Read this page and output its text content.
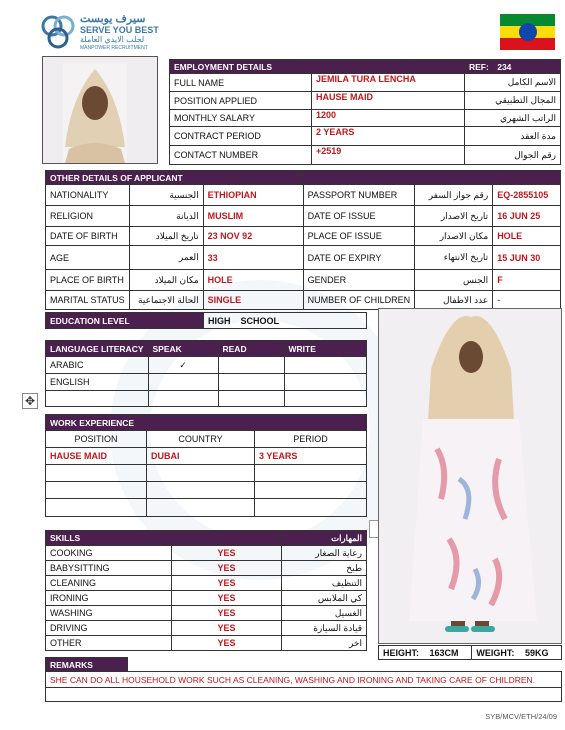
سيرف يوبست
SERVE YOU BEST
لجلب الايدي العاملة
MANPOWER RECRUITMENT
EMPLOYMENT DETAILS		REF: 234
FULL NAME	JEMILA TURA LENCHA	الاسم الكامل
POSITION APPLIED	HAUSE MAID	المجال التطبيقي
MONTHLY SALARY	1200	الراتب الشهري
CONTRACT PERIOD	2 YEARS	مدة العقد
CONTACT NUMBER	+2519	رقم الجوال
OTHER DETAILS OF APPLICANT					
NATIONALITY	الجنسية	ETHIOPIAN	PASSPORT NUMBER	رقم جواز السفر	EQ-2855105
RELIGION	الديانة	MUSLIM	DATE OF ISSUE	تاريخ الاصدار	16 JUN 25
DATE OF BIRTH	تاريخ الميلاد	23 NOV 92	PLACE OF ISSUE	مكان الاصدار	HOLE
AGE	العمر	33	DATE OF EXPIRY	تاريخ الانتهاء	15 JUN 30
PLACE OF BIRTH	مكان الميلاد	HOLE	GENDER	الجنس	F
MARITAL STATUS	الحالة الاجتماعية	SINGLE	NUMBER OF CHILDREN	عدد الاطفال	-
EDUCATION LEVEL	HIGH    SCHOOL
LANGUAGE LITERACY	SPEAK	READ	WRITE
ARABIC	✓		
ENGLISH			

✥
WORK EXPERIENCE		
POSITION	COUNTRY	PERIOD
HAUSE MAID	DUBAI	3 YEARS

SKILLS		المهارات
COOKING	YES	رعاية الصغار
BABYSITTING	YES	طبخ
CLEANING	YES	التنظيف
IRONING	YES	كي الملابس
WASHING	YES	الغسيل
DRIVING	YES	قيادة السيارة
OTHER	YES	اخر
HEIGHT: 163CM	WEIGHT: 59KG
REMARKS	
SHE CAN DO ALL HOUSEHOLD WORK SUCH AS CLEANING, WASHING AND IRONING AND TAKING CARE OF CHILDREN.

SYB/MCV/ETH/24/09
